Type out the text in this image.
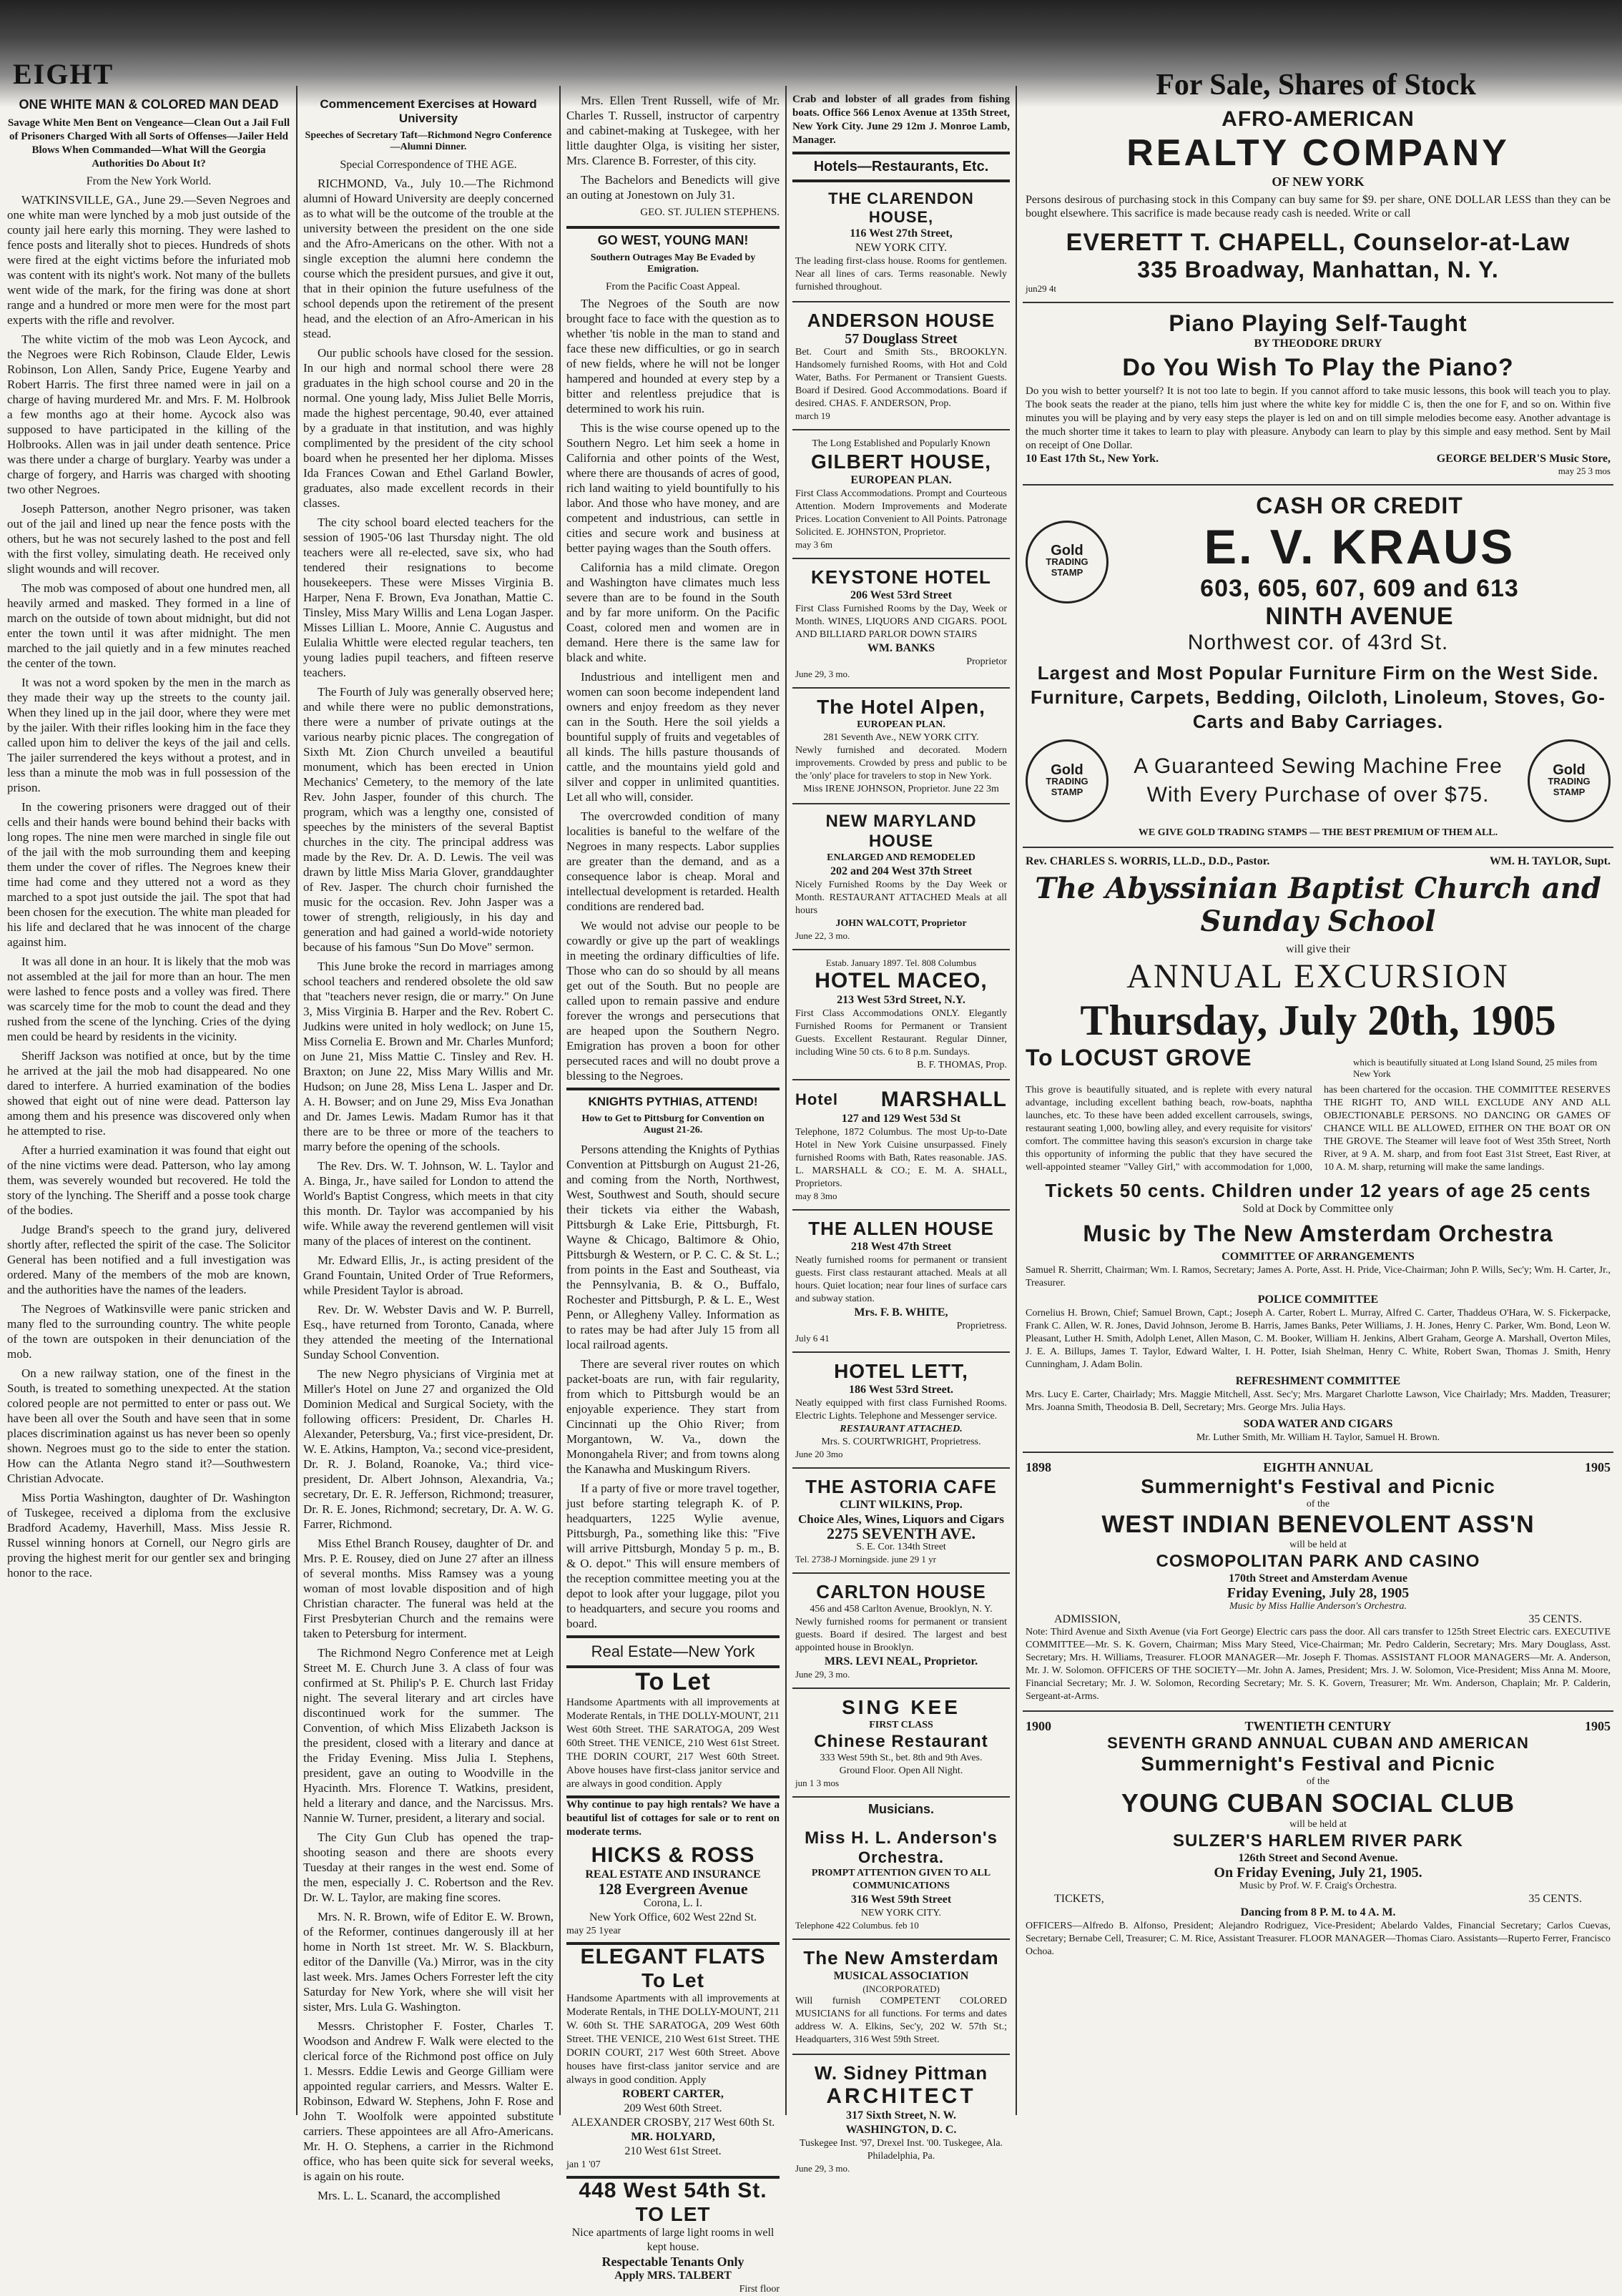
EIGHT	For Sale, Shares of Stock
ONE WHITE MAN & COLORED MAN DEAD
Savage White Men Bent on Vengeance—Clean Out a Jail Full of Prisoners Charged With all Sorts of Offenses—Jailer Held Blows When Commanded—What Will the Georgia Authorities Do About It?
From the New York World.

WATKINSVILLE, GA., June 29.—Seven Negroes and one white man were lynched by a mob just outside of the county jail here early this morning. They were lashed to fence posts and literally shot to pieces. Hundreds of shots were fired at the eight victims before the infuriated mob was content with its night's work. Not many of the bullets went wide of the mark, for the firing was done at short range and a hundred or more men were for the most part experts with the rifle and revolver.

The white victim of the mob was Leon Aycock, and the Negroes were Rich Robinson, Claude Elder, Lewis Robinson, Lon Allen, Sandy Price, Eugene Yearby and Robert Harris. The first three named were in jail on a charge of having murdered Mr. and Mrs. F. M. Holbrook a few months ago at their home. Aycock also was supposed to have participated in the killing of the Holbrooks. Allen was in jail under death sentence. Price was there under a charge of burglary. Yearby was under a charge of forgery, and Harris was charged with shooting two other Negroes.

Joseph Patterson, another Negro prisoner, was taken out of the jail and lined up near the fence posts with the others, but he was not securely lashed to the post and fell with the first volley, simulating death. He received only slight wounds and will recover.

The mob was composed of about one hundred men, all heavily armed and masked. They formed in a line of march on the outside of town about midnight, but did not enter the town until it was after midnight. The men marched to the jail quietly and in a few minutes reached the center of the town.

It was not a word spoken by the men in the march as they made their way up the streets to the county jail. When they lined up in the jail door, where they were met by the jailer. With their rifles looking him in the face they called upon him to deliver the keys of the jail and cells. The jailer surrendered the keys without a protest, and in less than a minute the mob was in full possession of the prison.

In the cowering prisoners were dragged out of their cells and their hands were bound behind their backs with long ropes. The nine men were marched in single file out of the jail with the mob surrounding them and keeping them under the cover of rifles. The Negroes knew their time had come and they uttered not a word as they marched to a spot just outside the jail. The spot that had been chosen for the execution. The white man pleaded for his life and declared that he was innocent of the charge against him.

It was all done in an hour. It is likely that the mob was not assembled at the jail for more than an hour. The men were lashed to fence posts and a volley was fired. There was scarcely time for the mob to count the dead and they rushed from the scene of the lynching. Cries of the dying men could be heard by residents in the vicinity.

Sheriff Jackson was notified at once, but by the time he arrived at the jail the mob had disappeared. No one dared to interfere. A hurried examination of the bodies showed that eight out of nine were dead. Patterson lay among them and his presence was discovered only when he attempted to rise.

After a hurried examination it was found that eight out of the nine victims were dead. Patterson, who lay among them, was severely wounded but recovered. He told the story of the lynching. The Sheriff and a posse took charge of the bodies.

Judge Brand's speech to the grand jury, delivered shortly after, reflected the spirit of the case. The Solicitor General has been notified and a full investigation was ordered. Many of the members of the mob are known, and the authorities have the names of the leaders.

The Negroes of Watkinsville were panic stricken and many fled to the surrounding country. The white people of the town are outspoken in their denunciation of the mob.

On a new railway station, one of the finest in the South, is treated to something unexpected. At the station colored people are not permitted to enter or pass out. We have been all over the South and have seen that in some places discrimination against us has never been so openly shown. Negroes must go to the side to enter the station. How can the Atlanta Negro stand it?—Southwestern Christian Advocate.

Miss Portia Washington, daughter of Dr. Washington of Tuskegee, received a diploma from the exclusive Bradford Academy, Haverhill, Mass. Miss Jessie R. Russel winning honors at Cornell, our Negro girls are proving the highest merit for our gentler sex and bringing honor to the race.

Commencement Exercises at Howard University
Speeches of Secretary Taft—Richmond Negro Conference—Alumni Dinner.
Special Correspondence of THE AGE.

RICHMOND, Va., July 10.—The Richmond alumni of Howard University are deeply concerned as to what will be the outcome of the trouble at the university between the president on the one side and the Afro-Americans on the other. With not a single exception the alumni here condemn the course which the president pursues, and give it out, that in their opinion the future usefulness of the school depends upon the retirement of the present head, and the election of an Afro-American in his stead.

Our public schools have closed for the session. In our high and normal school there were 28 graduates in the high school course and 20 in the normal. One young lady, Miss Juliet Belle Morris, made the highest percentage, 90.40, ever attained by a graduate in that institution, and was highly complimented by the president of the city school board when he presented her her diploma. Misses Ida Frances Cowan and Ethel Garland Bowler, graduates, also made excellent records in their classes.

The city school board elected teachers for the session of 1905-'06 last Thursday night. The old teachers were all re-elected, save six, who had tendered their resignations to become housekeepers. These were Misses Virginia B. Harper, Nena F. Brown, Eva Jonathan, Mattie C. Tinsley, Miss Mary Willis and Lena Logan Jasper. Misses Lillian L. Moore, Annie C. Augustus and Eulalia Whittle were elected regular teachers, ten young ladies pupil teachers, and fifteen reserve teachers.

The Fourth of July was generally observed here; and while there were no public demonstrations, there were a number of private outings at the various nearby picnic places. The congregation of Sixth Mt. Zion Church unveiled a beautiful monument, which has been erected in Union Mechanics' Cemetery, to the memory of the late Rev. John Jasper, founder of this church. The program, which was a lengthy one, consisted of speeches by the ministers of the several Baptist churches in the city. The principal address was made by the Rev. Dr. A. D. Lewis. The veil was drawn by little Miss Maria Glover, granddaughter of Rev. Jasper. The church choir furnished the music for the occasion. Rev. John Jasper was a tower of strength, religiously, in his day and generation and had gained a world-wide notoriety because of his famous "Sun Do Move" sermon.

This June broke the record in marriages among school teachers and rendered obsolete the old saw that "teachers never resign, die or marry." On June 3, Miss Virginia B. Harper and the Rev. Robert C. Judkins were united in holy wedlock; on June 15, Miss Cornelia E. Brown and Mr. Charles Munford; on June 21, Miss Mattie C. Tinsley and Rev. H. Braxton; on June 22, Miss Mary Willis and Mr. Hudson; on June 28, Miss Lena L. Jasper and Dr. A. H. Bowser; and on June 29, Miss Eva Jonathan and Dr. James Lewis. Madam Rumor has it that there are to be three or more of the teachers to marry before the opening of the schools.

The Rev. Drs. W. T. Johnson, W. L. Taylor and A. Binga, Jr., have sailed for London to attend the World's Baptist Congress, which meets in that city this month. Dr. Taylor was accompanied by his wife. While away the reverend gentlemen will visit many of the places of interest on the continent.

Mr. Edward Ellis, Jr., is acting president of the Grand Fountain, United Order of True Reformers, while President Taylor is abroad.

Rev. Dr. W. Webster Davis and W. P. Burrell, Esq., have returned from Toronto, Canada, where they attended the meeting of the International Sunday School Convention.

The new Negro physicians of Virginia met at Miller's Hotel on June 27 and organized the Old Dominion Medical and Surgical Society, with the following officers: President, Dr. Charles H. Alexander, Petersburg, Va.; first vice-president, Dr. W. E. Atkins, Hampton, Va.; second vice-president, Dr. R. J. Boland, Roanoke, Va.; third vice-president, Dr. Albert Johnson, Alexandria, Va.; secretary, Dr. E. R. Jefferson, Richmond; treasurer, Dr. R. E. Jones, Richmond; secretary, Dr. A. W. G. Farrer, Richmond.

Miss Ethel Branch Rousey, daughter of Dr. and Mrs. P. E. Rousey, died on June 27 after an illness of several months. Miss Ramsey was a young woman of most lovable disposition and of high Christian character. The funeral was held at the First Presbyterian Church and the remains were taken to Petersburg for interment.

The Richmond Negro Conference met at Leigh Street M. E. Church June 3. A class of four was confirmed at St. Philip's P. E. Church last Friday night. The several literary and art circles have discontinued work for the summer. The Convention, of which Miss Elizabeth Jackson is the president, closed with a literary and dance at the Friday Evening. Miss Julia I. Stephens, president, gave an outing to Woodville in the Hyacinth. Mrs. Florence T. Watkins, president, held a literary and dance, and the Narcissus. Mrs. Nannie W. Turner, president, a literary and social.

The City Gun Club has opened the trap-shooting season and there are shoots every Tuesday at their ranges in the west end. Some of the men, especially J. C. Robertson and the Rev. Dr. W. L. Taylor, are making fine scores.

Mrs. N. R. Brown, wife of Editor E. W. Brown, of the Reformer, continues dangerously ill at her home in North 1st street. Mr. W. S. Blackburn, editor of the Danville (Va.) Mirror, was in the city last week. Mrs. James Ochers Forrester left the city Saturday for New York, where she will visit her sister, Mrs. Lula G. Washington.

Messrs. Christopher F. Foster, Charles T. Woodson and Andrew F. Walk were elected to the clerical force of the Richmond post office on July 1. Messrs. Eddie Lewis and George Gilliam were appointed regular carriers, and Messrs. Walter E. Robinson, Edward W. Stephens, John F. Rose and John T. Woolfolk were appointed substitute carriers. These appointees are all Afro-Americans. Mr. H. O. Stephens, a carrier in the Richmond office, who has been quite sick for several weeks, is again on his route.

Mrs. L. L. Scanard, the accomplished

Mrs. Ellen Trent Russell, wife of Mr. Charles T. Russell, instructor of carpentry and cabinet-making at Tuskegee, with her little daughter Olga, is visiting her sister, Mrs. Clarence B. Forrester, of this city.

The Bachelors and Benedicts will give an outing at Jonestown on July 31.

GEO. ST. JULIEN STEPHENS.
GO WEST, YOUNG MAN!
Southern Outrages May Be Evaded by Emigration.
From the Pacific Coast Appeal.

The Negroes of the South are now brought face to face with the question as to whether 'tis noble in the man to stand and face these new difficulties, or go in search of new fields, where he will not be longer hampered and hounded at every step by a bitter and relentless prejudice that is determined to work his ruin.

This is the wise course opened up to the Southern Negro. Let him seek a home in California and other points of the West, where there are thousands of acres of good, rich land waiting to yield bountifully to his labor. And those who have money, and are competent and industrious, can settle in cities and secure work and business at better paying wages than the South offers.

California has a mild climate. Oregon and Washington have climates much less severe than are to be found in the South and by far more uniform. On the Pacific Coast, colored men and women are in demand. Here there is the same law for black and white.

Industrious and intelligent men and women can soon become independent land owners and enjoy freedom as they never can in the South. Here the soil yields a bountiful supply of fruits and vegetables of all kinds. The hills pasture thousands of cattle, and the mountains yield gold and silver and copper in unlimited quantities. Let all who will, consider.

The overcrowded condition of many localities is baneful to the welfare of the Negroes in many respects. Labor supplies are greater than the demand, and as a consequence labor is cheap. Moral and intellectual development is retarded. Health conditions are rendered bad.

We would not advise our people to be cowardly or give up the part of weaklings in meeting the ordinary difficulties of life. Those who can do so should by all means get out of the South. But no people are called upon to remain passive and endure forever the wrongs and persecutions that are heaped upon the Southern Negro. Emigration has proven a boon for other persecuted races and will no doubt prove a blessing to the Negroes.

KNIGHTS PYTHIAS, ATTEND!
How to Get to Pittsburg for Convention on August 21-26.

Persons attending the Knights of Pythias Convention at Pittsburgh on August 21-26, and coming from the North, Northwest, West, Southwest and South, should secure their tickets via either the Wabash, Pittsburgh & Lake Erie, Pittsburgh, Ft. Wayne & Chicago, Baltimore & Ohio, Pittsburgh & Western, or P. C. C. & St. L.; from points in the East and Southeast, via the Pennsylvania, B. & O., Buffalo, Rochester and Pittsburgh, P. & L. E., West Penn, or Allegheny Valley. Information as to rates may be had after July 15 from all local railroad agents.

There are several river routes on which packet-boats are run, with fair regularity, from which to Pittsburgh would be an enjoyable experience. They start from Cincinnati up the Ohio River; from Morgantown, W. Va., down the Monongahela River; and from towns along the Kanawha and Muskingum Rivers.

If a party of five or more travel together, just before starting telegraph K. of P. headquarters, 1225 Wylie avenue, Pittsburgh, Pa., something like this: "Five will arrive Pittsburgh, Monday 5 p. m., B. & O. depot." This will ensure members of the reception committee meeting you at the depot to look after your luggage, pilot you to headquarters, and secure you rooms and board.

Real Estate—New York
To Let
Handsome Apartments with all improvements at Moderate Rentals, in THE DOLLY-MOUNT, 211 West 60th Street. THE SARATOGA, 209 West 60th Street. THE VENICE, 210 West 61st Street. THE DORIN COURT, 217 West 60th Street. Above houses have first-class janitor service and are always in good condition. Apply
Why continue to pay high rentals? We have a beautiful list of cottages for sale or to rent on moderate terms.
HICKS & ROSS
REAL ESTATE AND INSURANCE
128 Evergreen Avenue
Corona, L. I.
New York Office, 602 West 22nd St.
may 25 1year
ELEGANT FLATS
To Let
Handsome Apartments with all improvements at Moderate Rentals, in THE DOLLY-MOUNT, 211 W. 60th St. THE SARATOGA, 209 West 60th Street. THE VENICE, 210 West 61st Street. THE DORIN COURT, 217 West 60th Street. Above houses have first-class janitor service and are always in good condition. Apply
ROBERT CARTER,
209 West 60th Street.
ALEXANDER CROSBY, 217 West 60th St.
MR. HOLYARD,
210 West 61st Street.
jan 1 '07
448 West 54th St.
TO LET
Nice apartments of large light rooms in well kept house.
Respectable Tenants Only
Apply MRS. TALBERT
First floor
Crab and lobster of all grades from fishing boats. Office 566 Lenox Avenue at 135th Street, New York City. June 29 12m J. Monroe Lamb, Manager.
Hotels—Restaurants, Etc.
THE CLARENDON HOUSE,
116 West 27th Street,
NEW YORK CITY.
The leading first-class house. Rooms for gentlemen. Near all lines of cars. Terms reasonable. Newly furnished throughout.
ANDERSON HOUSE
57 Douglass Street
Bet. Court and Smith Sts., BROOKLYN. Handsomely furnished Rooms, with Hot and Cold Water, Baths. For Permanent or Transient Guests. Board if Desired. Good Accommodations. Board if desired. CHAS. F. ANDERSON, Prop.
march 19
The Long Established and Popularly Known
GILBERT HOUSE,
EUROPEAN PLAN.
First Class Accommodations. Prompt and Courteous Attention. Modern Improvements and Moderate Prices. Location Convenient to All Points. Patronage Solicited. E. JOHNSTON, Proprietor.
may 3 6m
KEYSTONE HOTEL
206 West 53rd Street
First Class Furnished Rooms by the Day, Week or Month. WINES, LIQUORS AND CIGARS. POOL AND BILLIARD PARLOR DOWN STAIRS
WM. BANKS
Proprietor
June 29, 3 mo.
The Hotel Alpen,
EUROPEAN PLAN.
281 Seventh Ave., NEW YORK CITY.
Newly furnished and decorated. Modern improvements. Crowded by press and public to be the 'only' place for travelers to stop in New York.
Miss IRENE JOHNSON, Proprietor. June 22 3m
NEW MARYLAND HOUSE
ENLARGED AND REMODELED
202 and 204 West 37th Street
Nicely Furnished Rooms by the Day Week or Month. RESTAURANT ATTACHED Meals at all hours
JOHN WALCOTT, Proprietor
June 22, 3 mo.
Estab. January 1897. Tel. 808 Columbus
HOTEL MACEO,
213 West 53rd Street, N.Y.
First Class Accommodations ONLY. Elegantly Furnished Rooms for Permanent or Transient Guests. Excellent Restaurant. Regular Dinner, including Wine 50 cts. 6 to 8 p.m. Sundays.
B. F. THOMAS, Prop.
Hotel MARSHALL
127 and 129 West 53d St
Telephone, 1872 Columbus. The most Up-to-Date Hotel in New York Cuisine unsurpassed. Finely furnished Rooms with Bath, Rates reasonable. JAS. L. MARSHALL & CO.; E. M. A. SHALL, Proprietors.
may 8 3mo
THE ALLEN HOUSE
218 West 47th Street
Neatly furnished rooms for permanent or transient guests. First class restaurant attached. Meals at all hours. Quiet location; near four lines of surface cars and subway station.
Mrs. F. B. WHITE,
Proprietress.
July 6 41
HOTEL LETT,
186 West 53rd Street.
Neatly equipped with first class Furnished Rooms. Electric Lights. Telephone and Messenger service.
RESTAURANT ATTACHED.
Mrs. S. COURTWRIGHT, Proprietress.
June 20 3mo
THE ASTORIA CAFE
CLINT WILKINS, Prop.
Choice Ales, Wines, Liquors and Cigars
2275 SEVENTH AVE.
S. E. Cor. 134th Street
Tel. 2738-J Morningside. june 29 1 yr
CARLTON HOUSE
456 and 458 Carlton Avenue, Brooklyn, N. Y.
Newly furnished rooms for permanent or transient guests. Board if desired. The largest and best appointed house in Brooklyn.
MRS. LEVI NEAL, Proprietor.
June 29, 3 mo.
SING KEE
FIRST CLASS
Chinese Restaurant
333 West 59th St., bet. 8th and 9th Aves.
Ground Floor. Open All Night.
jun 1 3 mos
Musicians.
Miss H. L. Anderson's
Orchestra.
PROMPT ATTENTION GIVEN TO ALL COMMUNICATIONS
316 West 59th Street
NEW YORK CITY.
Telephone 422 Columbus. feb 10
The New Amsterdam
MUSICAL ASSOCIATION
(INCORPORATED)
Will furnish COMPETENT COLORED MUSICIANS for all functions. For terms and dates address W. A. Elkins, Sec'y, 202 W. 57th St.; Headquarters, 316 West 59th Street.
W. Sidney Pittman
ARCHITECT
317 Sixth Street, N. W.
WASHINGTON, D. C.
Tuskegee Inst. '97, Drexel Inst. '00. Tuskegee, Ala. Philadelphia, Pa.
June 29, 3 mo.
AFRO-AMERICAN
REALTY COMPANY
OF NEW YORK
Persons desirous of purchasing stock in this Company can buy same for $9. per share, ONE DOLLAR LESS than they can be bought elsewhere. This sacrifice is made because ready cash is needed. Write or call
EVERETT T. CHAPELL, Counselor-at-Law
335 Broadway, Manhattan, N. Y.
jun29 4t
Piano Playing Self-Taught
BY THEODORE DRURY
Do You Wish To Play the Piano?
Do you wish to better yourself? It is not too late to begin. If you cannot afford to take music lessons, this book will teach you to play. The book seats the reader at the piano, tells him just where the white key for middle C is, then the one for F, and so on. Within five minutes you will be playing and by very easy steps the player is led on and on till simple melodies become easy. Another advantage is the much shorter time it takes to learn to play with pleasure. Anybody can learn to play by this simple and easy method. Sent by Mail on receipt of One Dollar.
10 East 17th St., New York.	GEORGE BELDER'S Music Store,
may 25 3 mos
Gold
TRADING
STAMP
CASH OR CREDIT
E. V. KRAUS
603, 605, 607, 609 and 613
NINTH AVENUE
Northwest cor. of 43rd St.
Largest and Most Popular Furniture Firm on the West Side. Furniture, Carpets, Bedding, Oilcloth, Linoleum, Stoves, Go-Carts and Baby Carriages.
Gold
TRADING
STAMP
A Guaranteed Sewing Machine Free With Every Purchase of over $75.
Gold
TRADING
STAMP
WE GIVE GOLD TRADING STAMPS — THE BEST PREMIUM OF THEM ALL.
Rev. CHARLES S. WORRIS, LL.D., D.D., Pastor.	WM. H. TAYLOR, Supt.
The Abyssinian Baptist Church and Sunday School
will give their
ANNUAL EXCURSION
Thursday, July 20th, 1905
To LOCUST GROVE	which is beautifully situated at Long Island Sound, 25 miles from New York
This grove is beautifully situated, and is replete with every natural advantage, including excellent bathing beach, row-boats, naphtha launches, etc. To these have been added excellent carrousels, swings, restaurant seating 1,000, bowling alley, and every requisite for visitors' comfort. The committee having this season's excursion in charge take this opportunity of informing the public that they have secured the well-appointed steamer "Valley Girl," with accommodation for 1,000, has been chartered for the occasion. THE COMMITTEE RESERVES THE RIGHT TO, AND WILL EXCLUDE ANY AND ALL OBJECTIONABLE PERSONS. NO DANCING OR GAMES OF CHANCE WILL BE ALLOWED, EITHER ON THE BOAT OR ON THE GROVE. The Steamer will leave foot of West 35th Street, North River, at 9 A. M. sharp, and from foot East 31st Street, East River, at 10 A. M. sharp, returning will make the same landings.
Tickets 50 cents. Children under 12 years of age 25 cents
Sold at Dock by Committee only
Music by The New Amsterdam Orchestra
COMMITTEE OF ARRANGEMENTS
Samuel R. Sherritt, Chairman; Wm. I. Ramos, Secretary; James A. Porte, Asst. H. Pride, Vice-Chairman; John P. Wills, Sec'y; Wm. H. Carter, Jr., Treasurer.
POLICE COMMITTEE
Cornelius H. Brown, Chief; Samuel Brown, Capt.; Joseph A. Carter, Robert L. Murray, Alfred C. Carter, Thaddeus O'Hara, W. S. Fickerpacke, Frank C. Allen, W. R. Jones, David Johnson, Jerome B. Harris, James Banks, Peter Williams, J. H. Jones, Henry C. Parker, Wm. Bond, Leon W. Pleasant, Luther H. Smith, Adolph Lenet, Allen Mason, C. M. Booker, William H. Jenkins, Albert Graham, George A. Marshall, Overton Miles, J. E. A. Billups, James T. Taylor, Edward Walter, I. H. Potter, Isiah Shelman, Henry C. White, Robert Swan, Thomas J. Smith, Henry Cunningham, J. Adam Bolin.
REFRESHMENT COMMITTEE
Mrs. Lucy E. Carter, Chairlady; Mrs. Maggie Mitchell, Asst. Sec'y; Mrs. Margaret Charlotte Lawson, Vice Chairlady; Mrs. Madden, Treasurer; Mrs. Joanna Smith, Theodosia B. Dell, Secretary; Mrs. George Mrs. Julia Hays.
SODA WATER AND CIGARS
Mr. Luther Smith, Mr. William H. Taylor, Samuel H. Brown.
1898	EIGHTH ANNUAL	1905
Summernight's Festival and Picnic
of the
WEST INDIAN BENEVOLENT ASS'N
will be held at
COSMOPOLITAN PARK AND CASINO
170th Street and Amsterdam Avenue
Friday Evening, July 28, 1905
Music by Miss Hallie Anderson's Orchestra.
ADMISSION,	35 CENTS.
Note: Third Avenue and Sixth Avenue (via Fort George) Electric cars pass the door. All cars transfer to 125th Street Electric cars. EXECUTIVE COMMITTEE—Mr. S. K. Govern, Chairman; Miss Mary Steed, Vice-Chairman; Mr. Pedro Calderin, Secretary; Mrs. Mary Douglass, Asst. Secretary; Mrs. H. Williams, Treasurer. FLOOR MANAGER—Mr. Joseph F. Thomas. ASSISTANT FLOOR MANAGERS—Mr. A. Anderson, Mr. J. W. Solomon. OFFICERS OF THE SOCIETY—Mr. John A. James, President; Mrs. J. W. Solomon, Vice-President; Miss Anna M. Moore, Financial Secretary; Mr. J. W. Solomon, Recording Secretary; Mr. S. K. Govern, Treasurer; Mr. Wm. Anderson, Chaplain; Mr. P. Calderin, Sergeant-at-Arms.
1900	TWENTIETH CENTURY	1905
SEVENTH GRAND ANNUAL CUBAN AND AMERICAN
Summernight's Festival and Picnic
of the
YOUNG CUBAN SOCIAL CLUB
will be held at
SULZER'S HARLEM RIVER PARK
126th Street and Second Avenue.
On Friday Evening, July 21, 1905.
Music by Prof. W. F. Craig's Orchestra.
TICKETS,	35 CENTS.
Dancing from 8 P. M. to 4 A. M.
OFFICERS—Alfredo B. Alfonso, President; Alejandro Rodriguez, Vice-President; Abelardo Valdes, Financial Secretary; Carlos Cuevas, Secretary; Bernabe Cell, Treasurer; C. M. Rice, Assistant Treasurer. FLOOR MANAGER—Thomas Ciaro. Assistants—Ruperto Ferrer, Francisco Ochoa.
